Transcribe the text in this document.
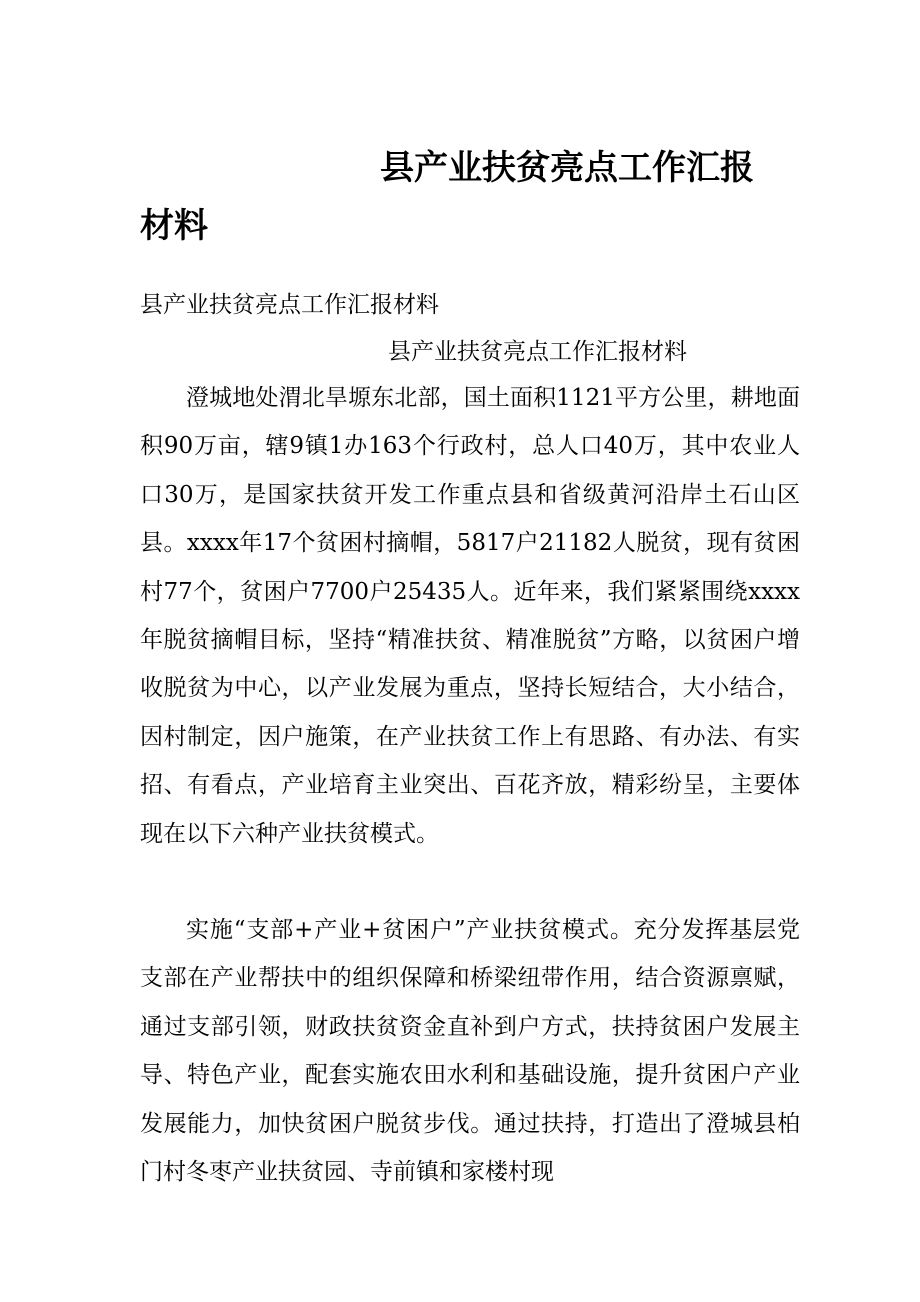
县产业扶贫亮点工作汇报
材料
县产业扶贫亮点工作汇报材料
县产业扶贫亮点工作汇报材料

澄城地处渭北旱塬东北部，国土面积1121平方公里，耕地面积90万亩，辖9镇1办163个行政村，总人口40万，其中农业人口30万，是国家扶贫开发工作重点县和省级黄河沿岸土石山区县。xxxx年17个贫困村摘帽，5817户21182人脱贫，现有贫困村77个，贫困户7700户25435人。近年来，我们紧紧围绕xxxx年脱贫摘帽目标，坚持“精准扶贫、精准脱贫”方略，以贫困户增收脱贫为中心，以产业发展为重点，坚持长短结合，大小结合，因村制定，因户施策，在产业扶贫工作上有思路、有办法、有实招、有看点，产业培育主业突出、百花齐放，精彩纷呈，主要体现在以下六种产业扶贫模式。

实施“支部+产业+贫困户”产业扶贫模式。充分发挥基层党支部在产业帮扶中的组织保障和桥梁纽带作用，结合资源禀赋，通过支部引领，财政扶贫资金直补到户方式，扶持贫困户发展主导、特色产业，配套实施农田水利和基础设施，提升贫困户产业发展能力，加快贫困户脱贫步伐。通过扶持，打造出了澄城县柏门村冬枣产业扶贫园、寺前镇和家楼村现
